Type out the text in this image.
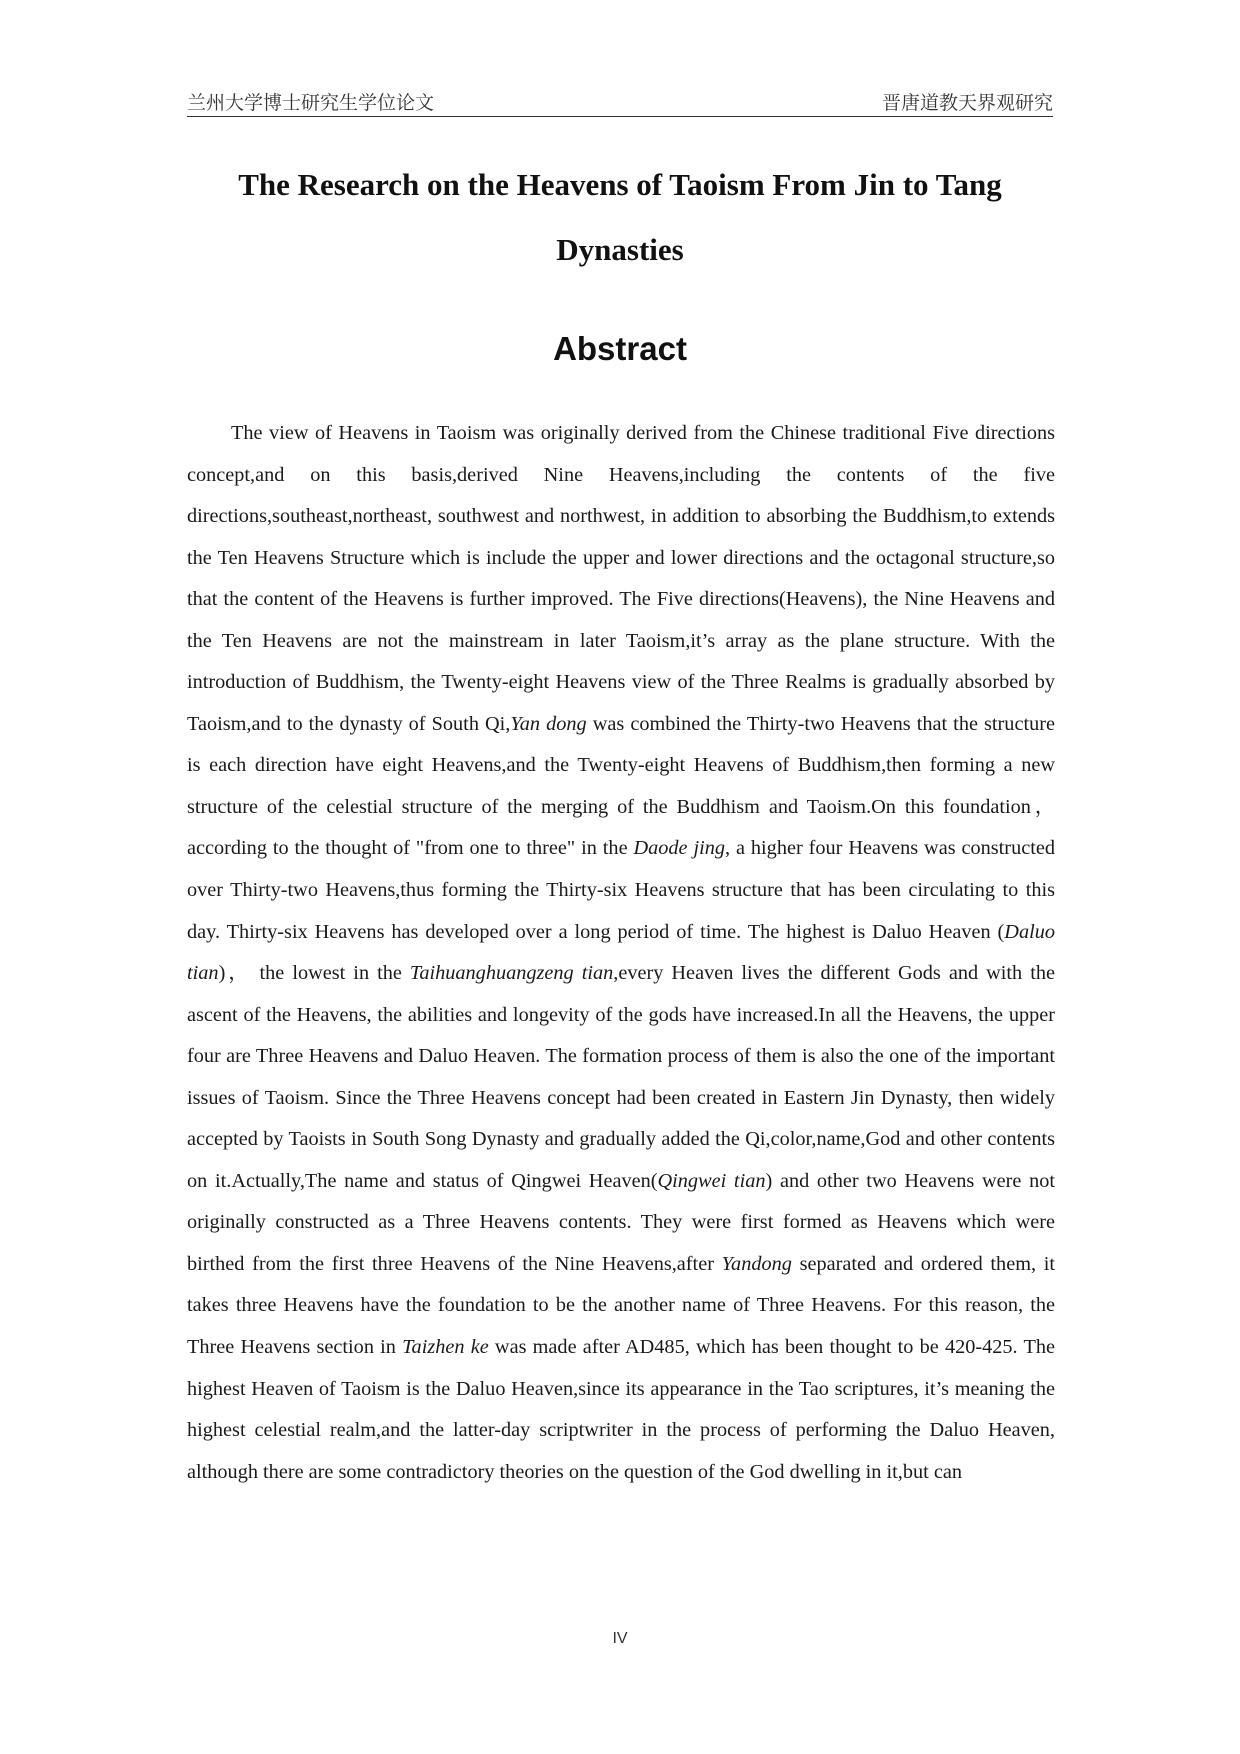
兰州大学博士研究生学位论文	晋唐道教天界观研究
The Research on the Heavens of Taoism From Jin to Tang
Dynasties
Abstract

The view of Heavens in Taoism was originally derived from the Chinese traditional Five directions concept,and on this basis,derived Nine Heavens,including the contents of the five directions,southeast,northeast, southwest and northwest, in addition to absorbing the Buddhism,to extends the Ten Heavens Structure which is include the upper and lower directions and the octagonal structure,so that the content of the Heavens is further improved. The Five directions(Heavens), the Nine Heavens and the Ten Heavens are not the mainstream in later Taoism,it’s array as the plane structure. With the introduction of Buddhism, the Twenty-eight Heavens view of the Three Realms is gradually absorbed by Taoism,and to the dynasty of South Qi,Yan dong was combined the Thirty-two Heavens that the structure is each direction have eight Heavens,and the Twenty-eight Heavens of Buddhism,then forming a new structure of the celestial structure of the merging of the Buddhism and Taoism.On this foundation，according to the thought of "from one to three" in the Daode jing, a higher four Heavens was constructed over Thirty-two Heavens,thus forming the Thirty-six Heavens structure that has been circulating to this day. Thirty-six Heavens has developed over a long period of time. The highest is Daluo Heaven (Daluo tian)， the lowest in the Taihuanghuangzeng tian,every Heaven lives the different Gods and with the ascent of the Heavens, the abilities and longevity of the gods have increased.In all the Heavens, the upper four are Three Heavens and Daluo Heaven. The formation process of them is also the one of the important issues of Taoism. Since the Three Heavens concept had been created in Eastern Jin Dynasty, then widely accepted by Taoists in South Song Dynasty and gradually added the Qi,color,name,God and other contents on it.Actually,The name and status of Qingwei Heaven(Qingwei tian) and other two Heavens were not originally constructed as a Three Heavens contents. They were first formed as Heavens which were birthed from the first three Heavens of the Nine Heavens,after Yandong separated and ordered them, it takes three Heavens have the foundation to be the another name of Three Heavens. For this reason, the Three Heavens section in Taizhen ke was made after AD485, which has been thought to be 420-425. The highest Heaven of Taoism is the Daluo Heaven,since its appearance in the Tao scriptures, it’s meaning the highest celestial realm,and the latter-day scriptwriter in the process of performing the Daluo Heaven, although there are some contradictory theories on the question of the God dwelling in it,but can

IV
